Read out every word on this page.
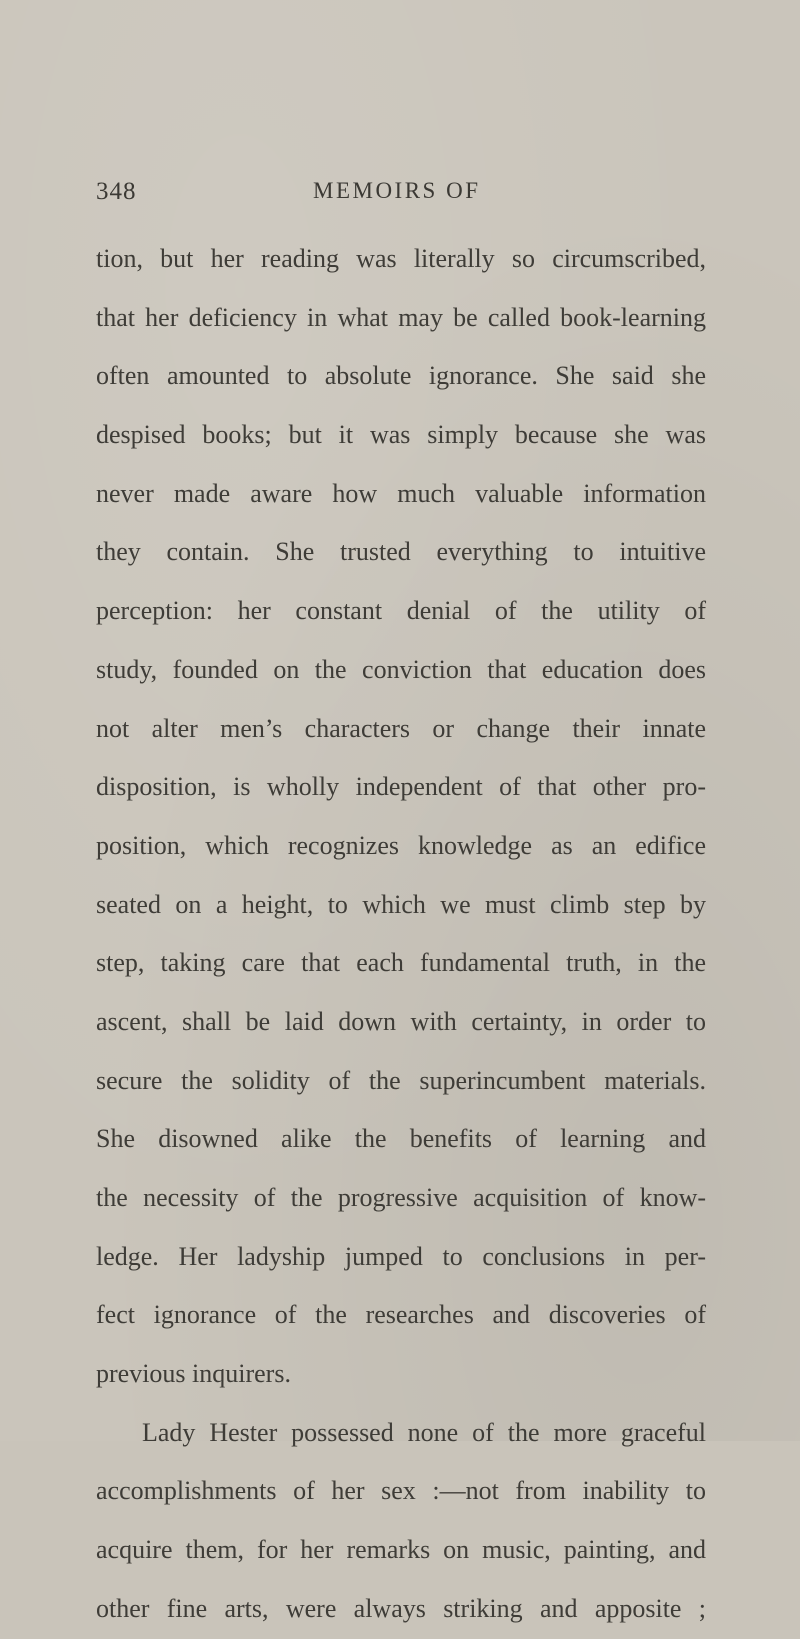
348	MEMOIRS OF
tion, but her reading was literally so circumscribed,
that her deficiency in what may be called book-learning
often amounted to absolute ignorance. She said she
despised books; but it was simply because she was
never made aware how much valuable information
they contain. She trusted everything to intuitive
perception: her constant denial of the utility of
study, founded on the conviction that education does
not alter men’s characters or change their innate
disposition, is wholly independent of that other pro-
position, which recognizes knowledge as an edifice
seated on a height, to which we must climb step by
step, taking care that each fundamental truth, in the
ascent, shall be laid down with certainty, in order to
secure the solidity of the superincumbent materials.
She disowned alike the benefits of learning and
the necessity of the progressive acquisition of know-
ledge. Her ladyship jumped to conclusions in per-
fect ignorance of the researches and discoveries of
previous inquirers.
Lady Hester possessed none of the more graceful
accomplishments of her sex :—not from inability to
acquire them, for her remarks on music, painting, and
other fine arts, were always striking and apposite ;
